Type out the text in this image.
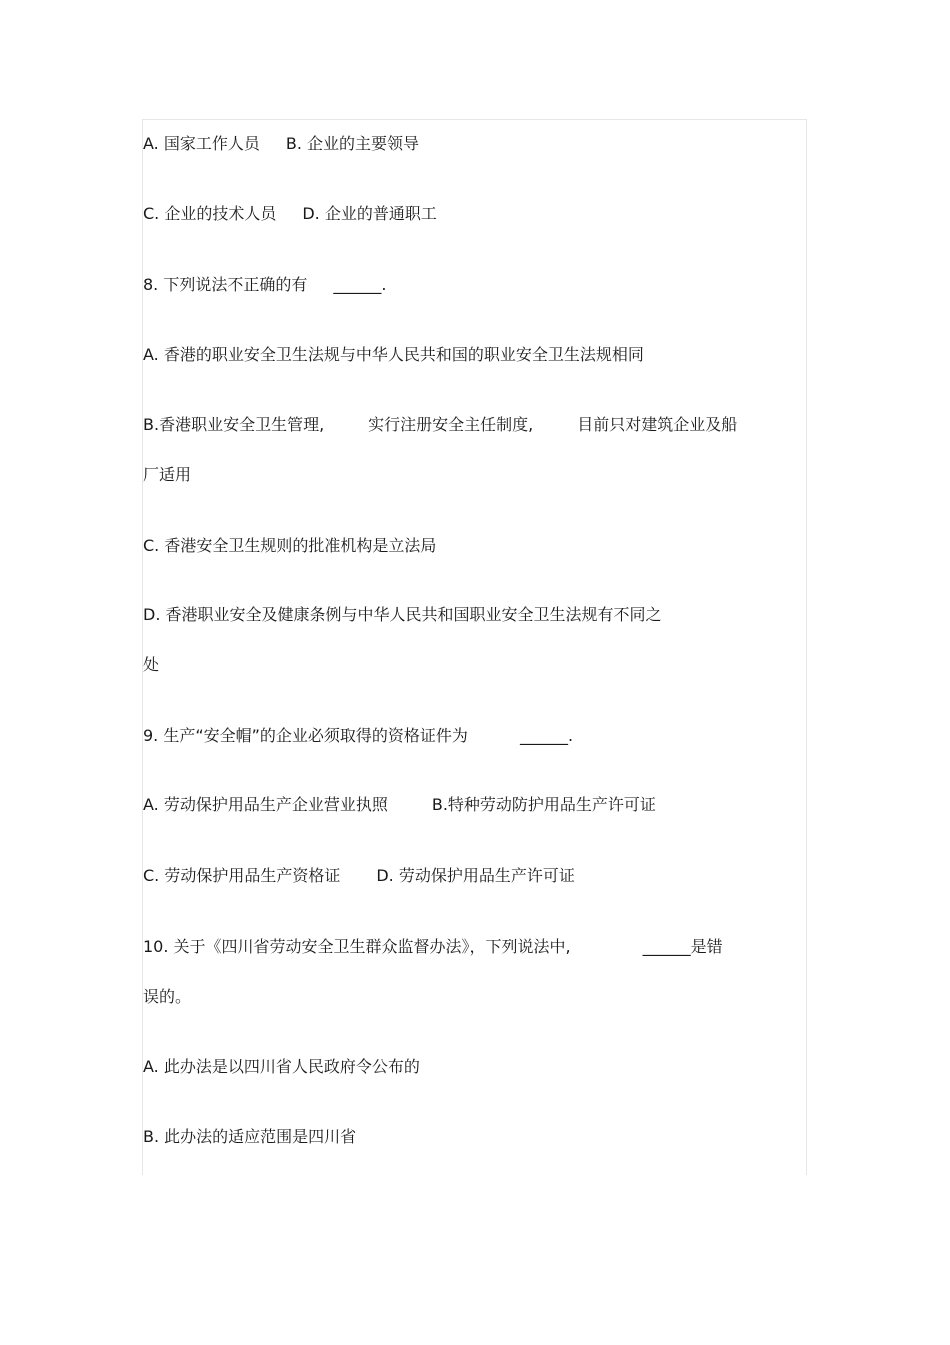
A. 国家工作人员 B. 企业的主要领导
C. 企业的技术人员 D. 企业的普通职工
8. 下列说法不正确的有 ______.
A. 香港的职业安全卫生法规与中华人民共和国的职业安全卫生法规相同
B.香港职业安全卫生管理,	实行注册安全主任制度,	目前只对建筑企业及船
厂适用
C. 香港安全卫生规则的批准机构是立法局
D. 香港职业安全及健康条例与中华人民共和国职业安全卫生法规有不同之
处
9. 生产“安全帽”的企业必须取得的资格证件为	______.
A. 劳动保护用品生产企业营业执照	B.特种劳动防护用品生产许可证
C. 劳动保护用品生产资格证 D. 劳动保护用品生产许可证
10. 关于《四川省劳动安全卫生群众监督办法》，下列说法中,	______是错
误的。
A. 此办法是以四川省人民政府令公布的
B. 此办法的适应范围是四川省
